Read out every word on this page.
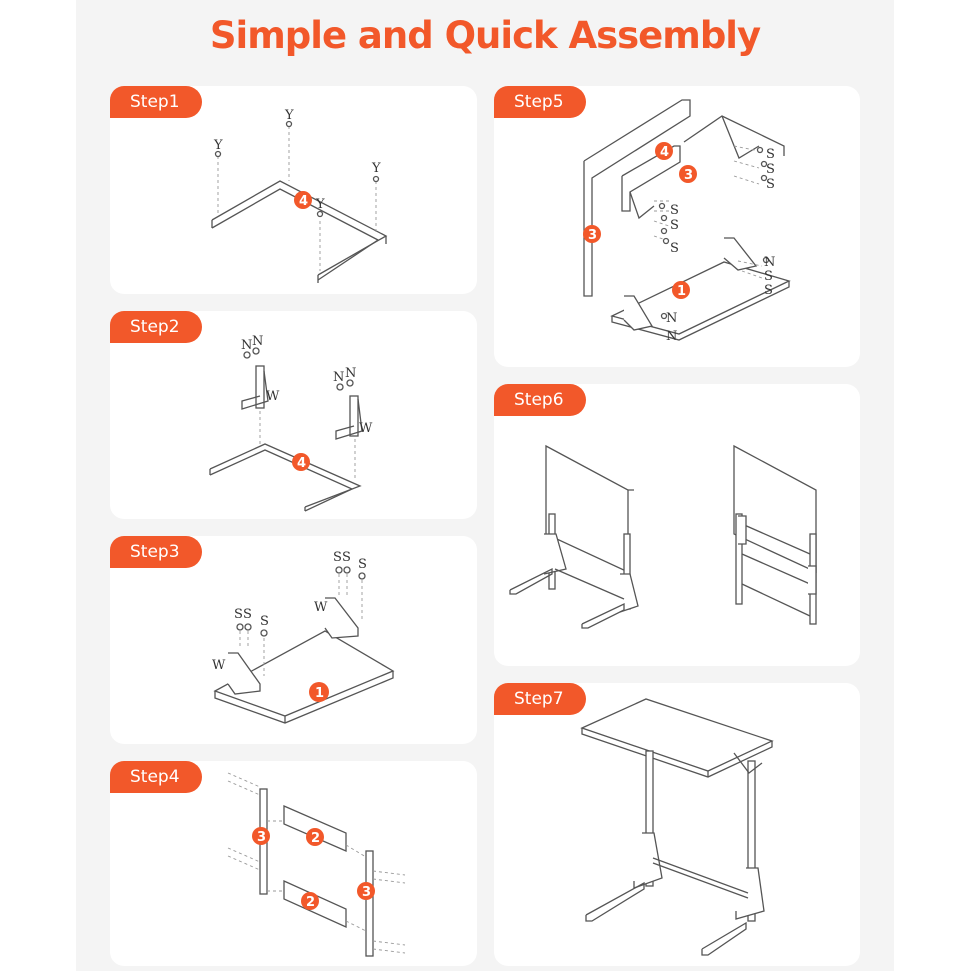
Simple and Quick Assembly
Y
Y
Y
Y
4
Step1
N N
W
N N
W
4
Step2
S S S
W
S S S
W
1
Step3
3	2
2
3
Step4
S
S
S
S
S
S
N
S
S
N
N
4
3
3
1
Step5
Step6
Step7
